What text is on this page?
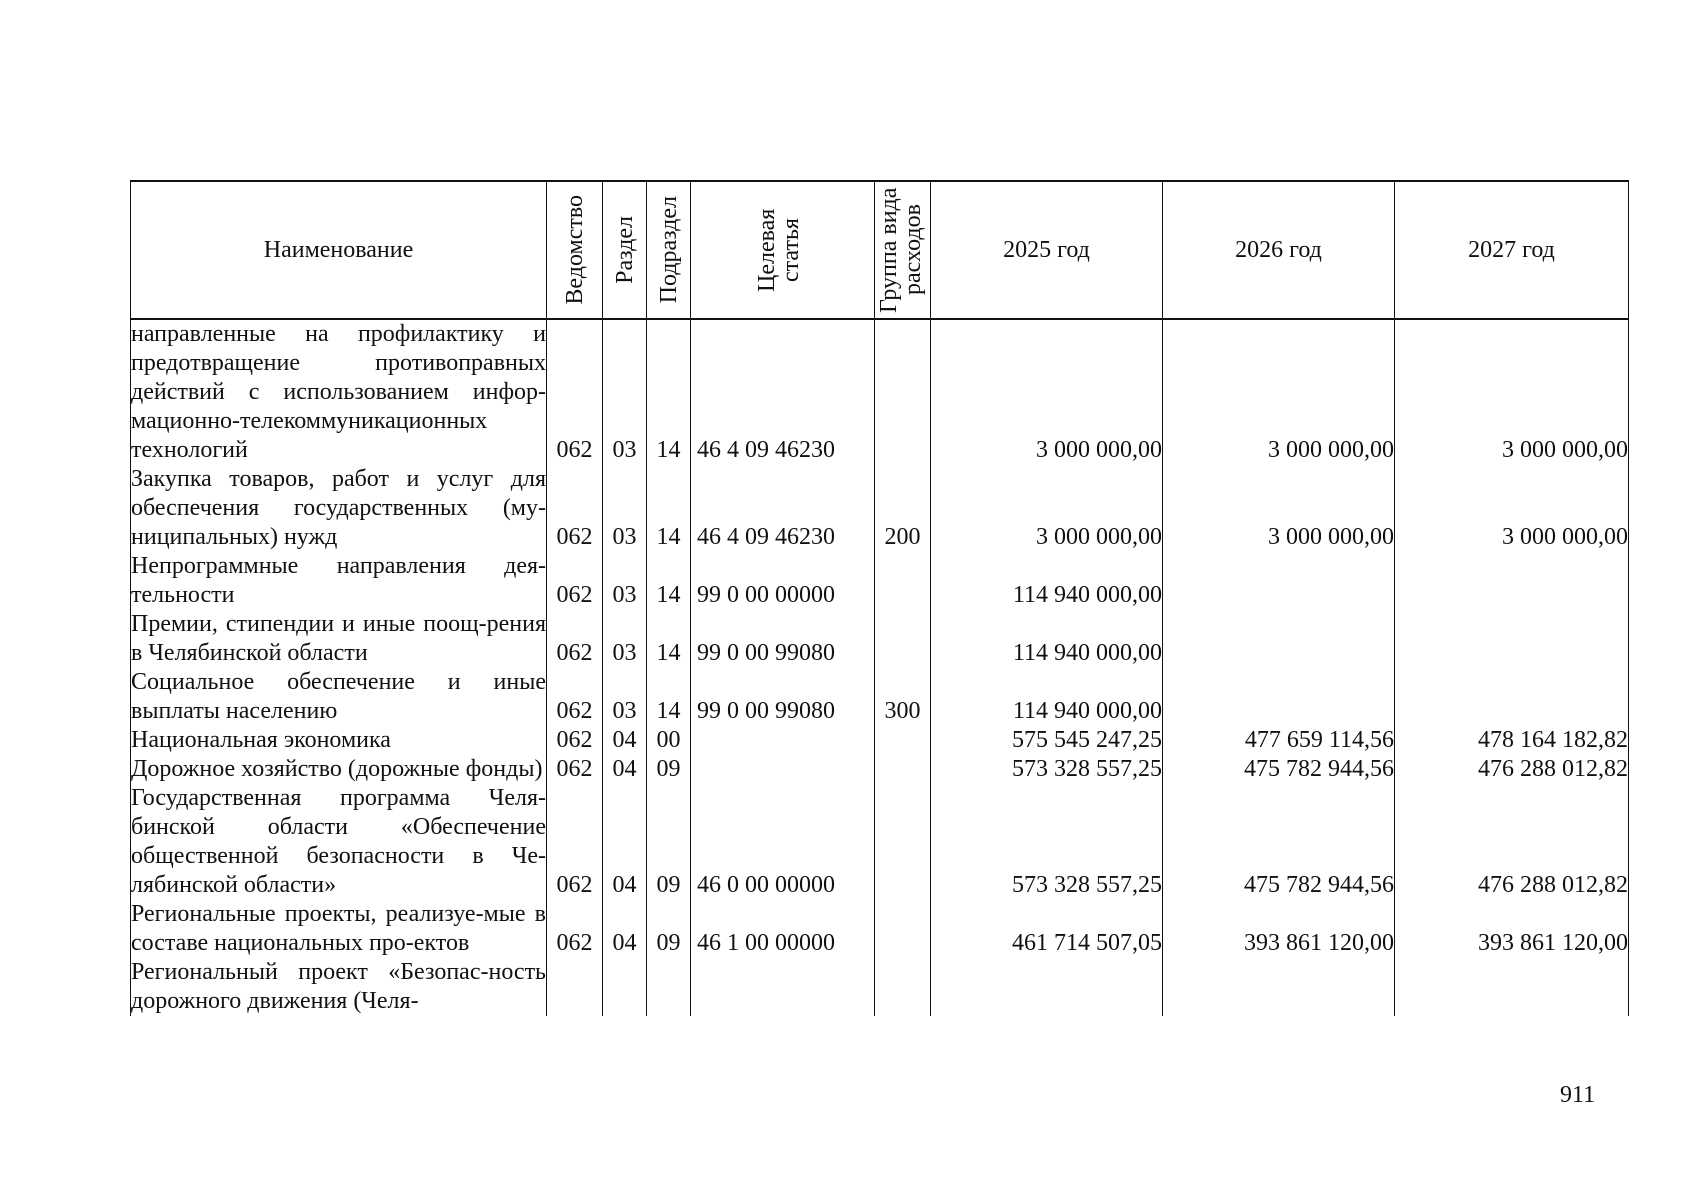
Наименование	Ведомство	Раздел	Подраздел	Целевая статья	Группа вида расходов	2025 год	2026 год	2027 год
направленные на профилактику и предотвращение противоправных действий с использованием инфор-мационно-телекоммуникационных технологий	062	03	14	46 4 09 46230		3 000 000,00	3 000 000,00	3 000 000,00
Закупка товаров, работ и услуг для обеспечения государственных (му-ниципальных) нужд	062	03	14	46 4 09 46230	200	3 000 000,00	3 000 000,00	3 000 000,00
Непрограммные направления дея-тельности	062	03	14	99 0 00 00000		114 940 000,00		
Премии, стипендии и иные поощ-рения в Челябинской области	062	03	14	99 0 00 99080		114 940 000,00		
Социальное обеспечение и иные выплаты населению	062	03	14	99 0 00 99080	300	114 940 000,00		
Национальная экономика	062	04	00			575 545 247,25	477 659 114,56	478 164 182,82
Дорожное хозяйство (дорожные фонды)	062	04	09			573 328 557,25	475 782 944,56	476 288 012,82
Государственная программа Челя-бинской области «Обеспечение общественной безопасности в Че-лябинской области»	062	04	09	46 0 00 00000		573 328 557,25	475 782 944,56	476 288 012,82
Региональные проекты, реализуе-мые в составе национальных про-ектов	062	04	09	46 1 00 00000		461 714 507,05	393 861 120,00	393 861 120,00
Региональный проект «Безопас-ность дорожного движения (Челя-								
911
